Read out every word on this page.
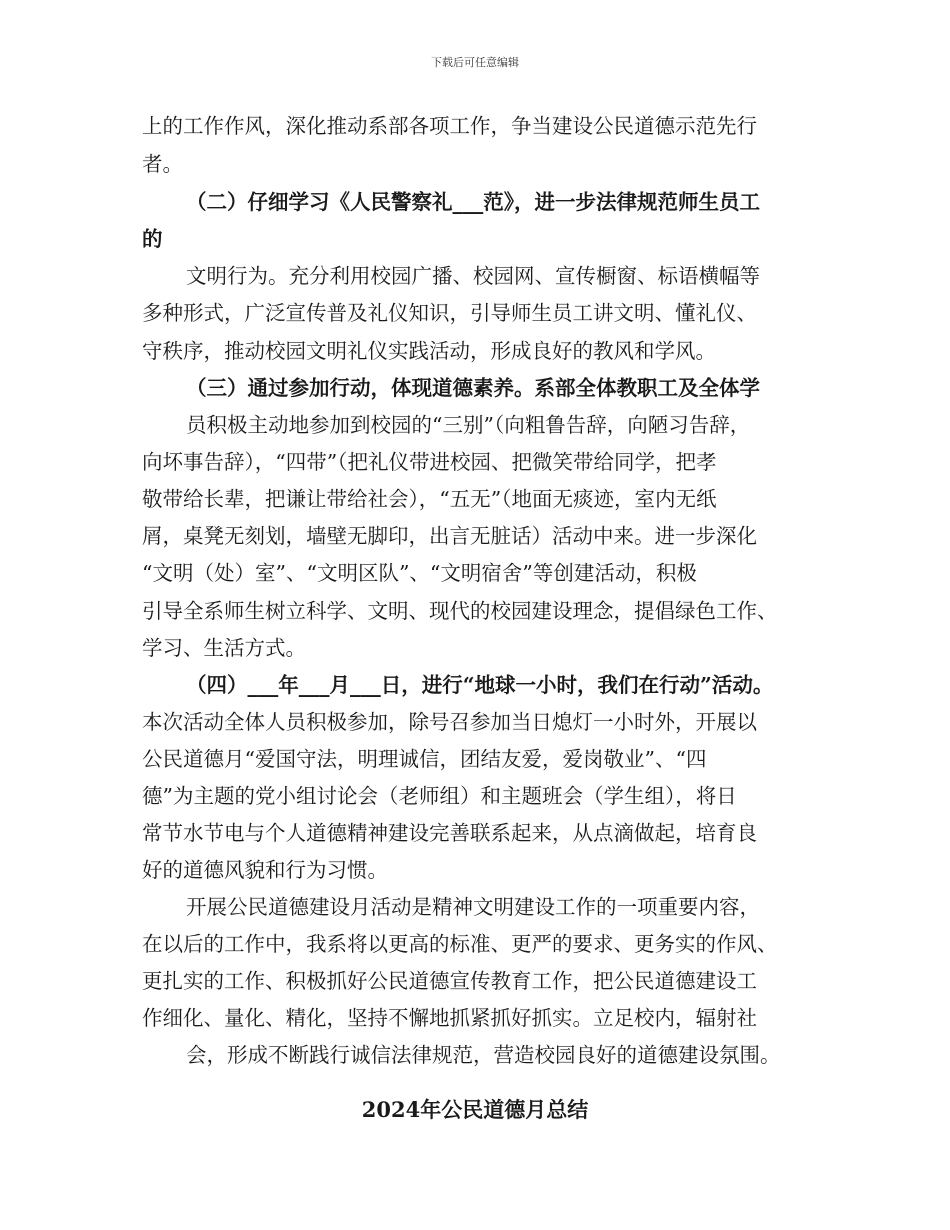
下载后可任意编辑
上的工作作风，深化推动系部各项工作，争当建设公民道德示范先行
者。
（二）仔细学习《人民警察礼___范》，进一步法律规范师生员工
的
文明行为。充分利用校园广播、校园网、宣传橱窗、标语横幅等
多种形式，广泛宣传普及礼仪知识，引导师生员工讲文明、懂礼仪、
守秩序，推动校园文明礼仪实践活动，形成良好的教风和学风。
（三）通过参加行动，体现道德素养。系部全体教职工及全体学
员积极主动地参加到校园的“三别”（向粗鲁告辞，向陋习告辞，
向坏事告辞），“四带”（把礼仪带进校园、把微笑带给同学，把孝
敬带给长辈，把谦让带给社会），“五无”（地面无痰迹，室内无纸
屑，桌凳无刻划，墙壁无脚印，出言无脏话）活动中来。进一步深化
“文明（处）室”、“文明区队”、“文明宿舍”等创建活动，积极
引导全系师生树立科学、文明、现代的校园建设理念，提倡绿色工作、
学习、生活方式。
（四）___年___月___日，进行“地球一小时，我们在行动”活动。
本次活动全体人员积极参加，除号召参加当日熄灯一小时外，开展以
公民道德月“爱国守法，明理诚信，团结友爱，爱岗敬业”、“四
德”为主题的党小组讨论会（老师组）和主题班会（学生组），将日
常节水节电与个人道德精神建设完善联系起来，从点滴做起，培育良
好的道德风貌和行为习惯。
开展公民道德建设月活动是精神文明建设工作的一项重要内容，
在以后的工作中，我系将以更高的标准、更严的要求、更务实的作风、
更扎实的工作、积极抓好公民道德宣传教育工作，把公民道德建设工
作细化、量化、精化，坚持不懈地抓紧抓好抓实。立足校内，辐射社
会，形成不断践行诚信法律规范，营造校园良好的道德建设氛围。
2024年公民道德月总结
